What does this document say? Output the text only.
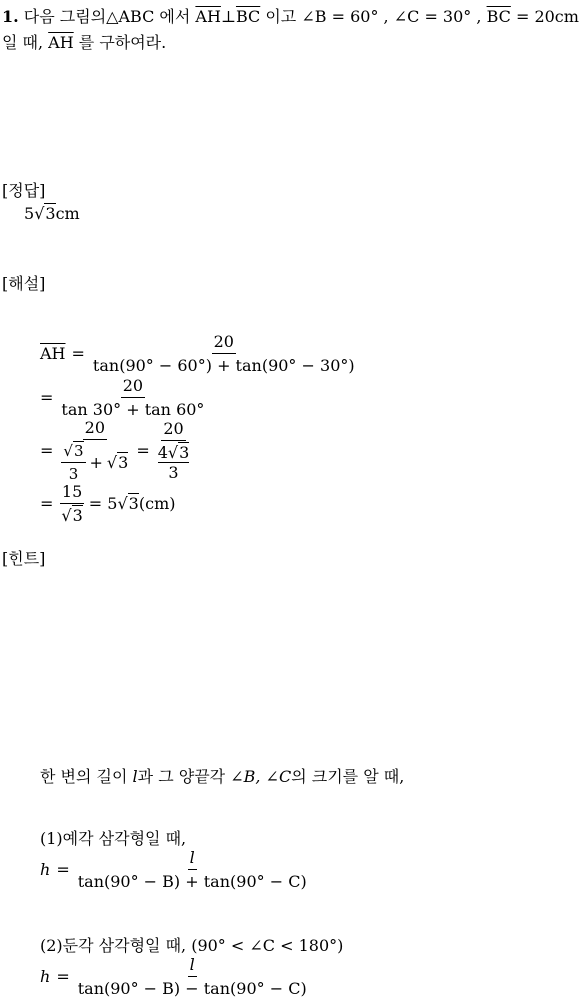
1. 다음 그림의△ABC 에서 $\overline{AH}\perp\overline{BC}$ 이고 ∠B = 60° , ∠C = 30° , $\overline{BC} = 20cm$
일 때, $\overline{AH}$ 를 구하여라.
[정답]
5√3cm
[해설]
$\overline{AH} = \frac{20}{\tan(90^\circ - 60^\circ) + \tan(90^\circ - 30^\circ)}$
= $\frac{20}{\tan 30^\circ + \tan 60^\circ}$
= $\frac{20}{\frac{√3}{3} + √3} = 20$
4√3
3
= $\frac{15}{√3} = 5$ √3 (cm)
[힌트]
한 변의 길이 l과 그 양끝각 ∠B, ∠C의 크기를 알 때,
(1)예각 삼각형일 때,
$h = \frac{l}{\tan(90^\circ - B) + \tan(90^\circ - C)}$
(2)둔각 삼각형일 때, (90° < ∠C < 180°)
$h = \frac{l}{\tan(90^\circ - B) - \tan(90^\circ - C)}$
